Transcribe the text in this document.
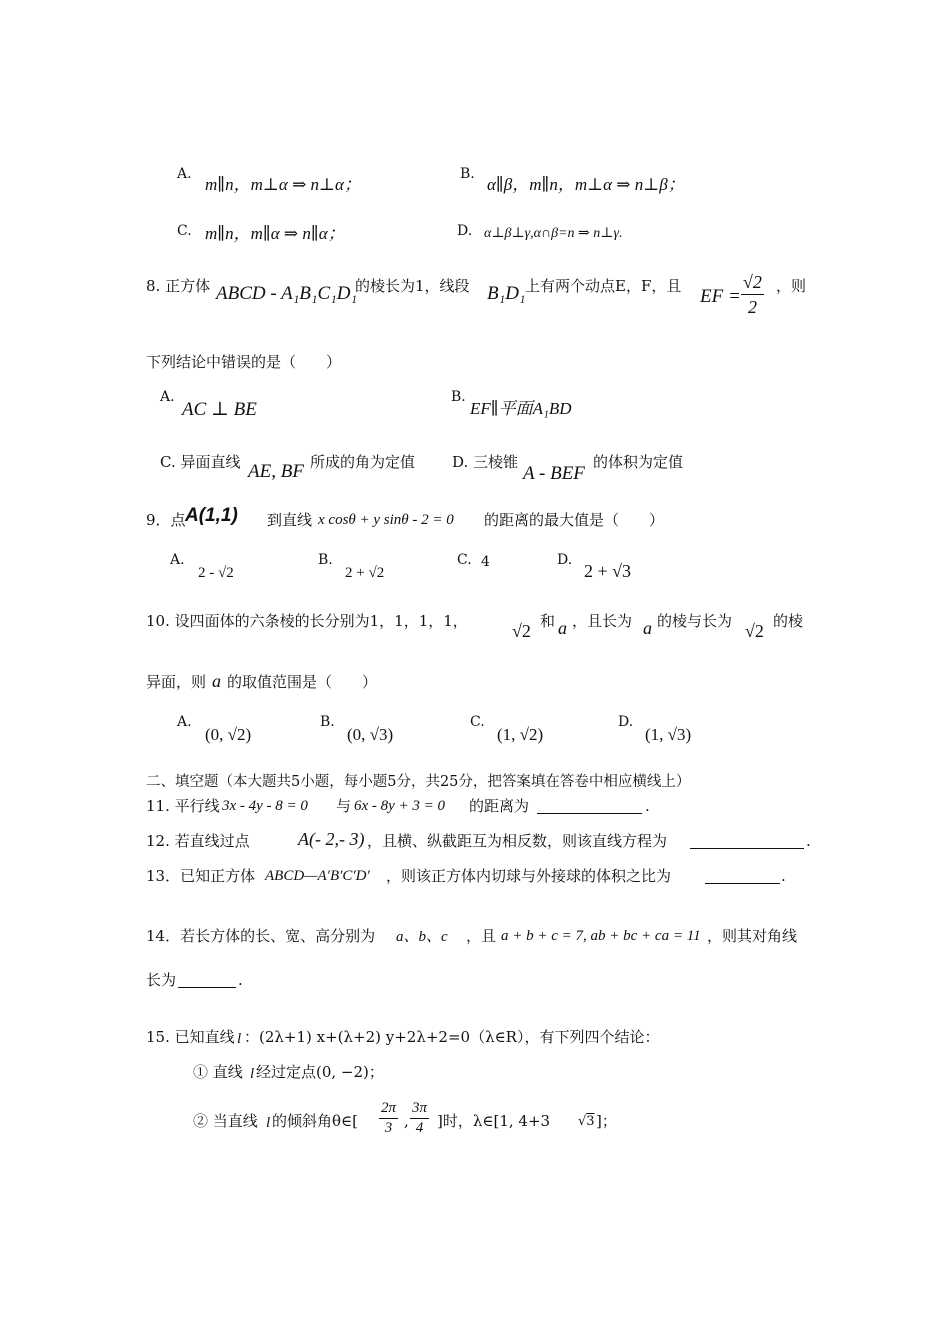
A.
m∥n，m⊥α ⇒ n⊥α；
B.
α∥β，m∥n，m⊥α ⇒ n⊥β；
C. m∥n，m∥α ⇒ n∥α；	D. α⊥β⊥γ,α∩β=n ⇒ n⊥γ.
8. 正方体 ABCD - A₁B₁C₁D₁
的棱长为1，线段 B₁D₁ 上有两个动点E，F，且 EF = $\frac{√2}{2}$ ，则
下列结论中错误的是（　　）
A.
AC ⊥ BE
B.
EF∥平面A₁BD
C. 异面直线 AE, BF 所成的角为定值 D. 三棱锥
A - BEF
的体积为定值
9．点 A(1,1) 到直线 x cosθ + y sinθ - 2 = 0 的距离的最大值是（　　）
A.
2 - √2
B.
2 + √2
C. 4	D.
2 + √3
10. 设四面体的六条棱的长分别为1，1，1，1， √2 和 a ，且长为 a 的棱与长为 √2 的棱
异面，则 a 的取值范围是（　　）
A.
(0, √2)
B.
(0, √3)
C.
(1, √2)
D.
(1, √3)
二、填空题（本大题共5小题，每小题5分，共25分，把答案填在答卷中相应横线上）
11. 平行线 3x - 4y - 8 = 0 与 6x - 8y + 3 = 0 的距离为	.
12. 若直线过点	A(- 2,- 3) ，且横、纵截距互为相反数，则该直线方程为	.
13．已知正方体 ABCD—A′B′C′D′ ，则该正方体内切球与外接球的体积之比为	.
14．若长方体的长、宽、高分别为 a、b、c ，且 a + b + c = 7, ab + bc + ca = 11 ，则其对角线
长为	.
15. 已知直线 l ：(2λ+1) x+(λ+2) y+2λ+2=0（λ∈R），有下列四个结论：
① 直线 l 经过定点(0, −2)；
② 当直线 l 的倾斜角θ∈[ $\frac{2\pi}{3}$ , $\frac{3\pi}{4}$ ]时，λ∈[1, 4+3 √3 ]；
